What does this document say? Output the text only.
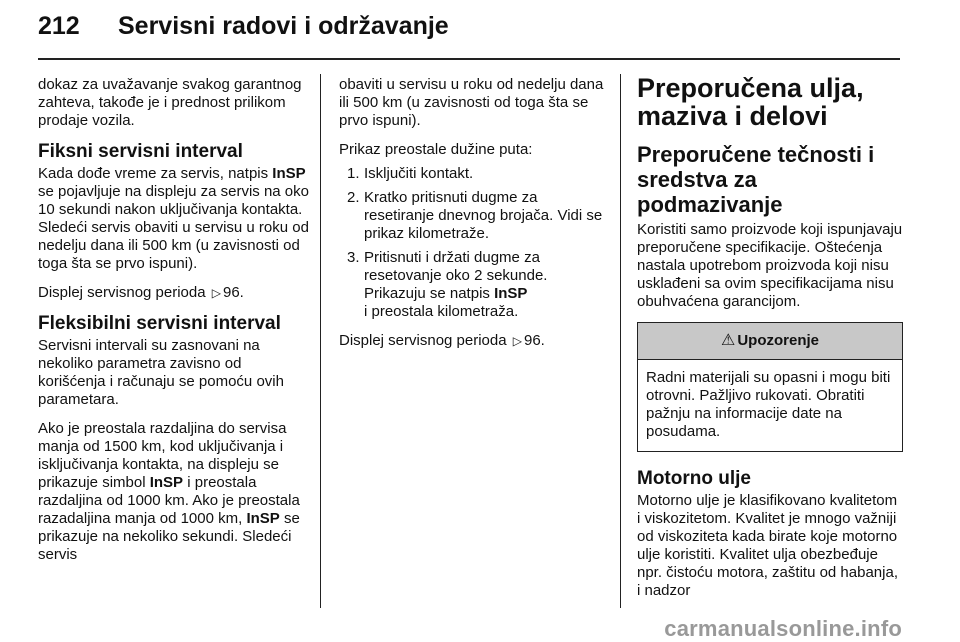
212 Servisni radovi i održavanje

dokaz za uvažavanje svakog garantnog zahteva, takođe je i prednost prilikom prodaje vozila.

Fiksni servisni interval

Kada dođe vreme za servis, natpis InSP se pojavljuje na displeju za servis na oko 10 sekundi nakon uključivanja kontakta. Sledeći servis obaviti u servisu u roku od nedelju dana ili 500 km (u zavisnosti od toga šta se prvo ispuni).

Displej servisnog perioda ▷ 96.

Fleksibilni servisni interval

Servisni intervali su zasnovani na nekoliko parametra zavisno od korišćenja i računaju se pomoću ovih parametara.

Ako je preostala razdaljina do servisa manja od 1500 km, kod uključivanja i isključivanja kontakta, na displeju se prikazuje simbol InSP i preostala razdaljina od 1000 km. Ako je preostala razadaljina manja od 1000 km, InSP se prikazuje na nekoliko sekundi. Sledeći servis

obaviti u servisu u roku od nedelju dana ili 500 km (u zavisnosti od toga šta se prvo ispuni).

Prikaz preostale dužine puta:

1. Isključiti kontakt.
2. Kratko pritisnuti dugme za resetiranje dnevnog brojača. Vidi se prikaz kilometraže.
3. Pritisnuti i držati dugme za resetovanje oko 2 sekunde. Prikazuju se natpis InSP
i preostala kilometraža.

Displej servisnog perioda ▷ 96.

Preporučena ulja, maziva i delovi
Preporučene tečnosti i sredstva za podmazivanje

Koristiti samo proizvode koji ispunjavaju preporučene specifikacije. Oštećenja nastala upotrebom proizvoda koji nisu usklađeni sa ovim specifikacijama nisu obuhvaćena garancijom.

⚠ Upozorenje
Radni materijali su opasni i mogu biti otrovni. Pažljivo rukovati. Obratiti pažnju na informacije date na posudama.
Motorno ulje

Motorno ulje je klasifikovano kvalitetom i viskozitetom. Kvalitet je mnogo važniji od viskoziteta kada birate koje motorno ulje koristiti. Kvalitet ulja obezbeđuje npr. čistoću motora, zaštitu od habanja, i nadzor

carmanualsonline.info
